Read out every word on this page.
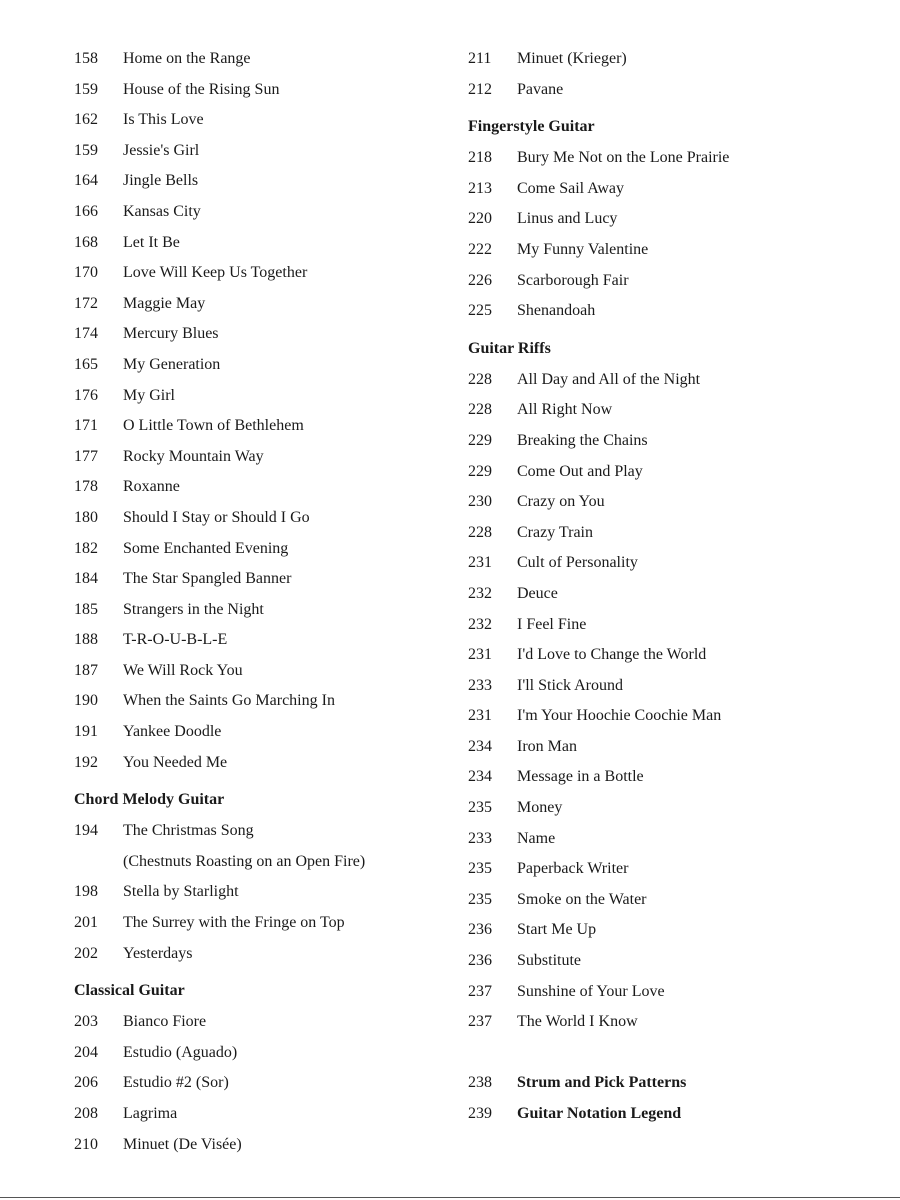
158	Home on the Range
159	House of the Rising Sun
162	Is This Love
159	Jessie's Girl
164	Jingle Bells
166	Kansas City
168	Let It Be
170	Love Will Keep Us Together
172	Maggie May
174	Mercury Blues
165	My Generation
176	My Girl
171	O Little Town of Bethlehem
177	Rocky Mountain Way
178	Roxanne
180	Should I Stay or Should I Go
182	Some Enchanted Evening
184	The Star Spangled Banner
185	Strangers in the Night
188	T-R-O-U-B-L-E
187	We Will Rock You
190	When the Saints Go Marching In
191	Yankee Doodle
192	You Needed Me
Chord Melody Guitar
194	The Christmas Song
(Chestnuts Roasting on an Open Fire)
198	Stella by Starlight
201	The Surrey with the Fringe on Top
202	Yesterdays
Classical Guitar
203	Bianco Fiore
204	Estudio (Aguado)
206	Estudio #2 (Sor)
208	Lagrima
210	Minuet (De Visée)
211	Minuet (Krieger)
212	Pavane
Fingerstyle Guitar
218	Bury Me Not on the Lone Prairie
213	Come Sail Away
220	Linus and Lucy
222	My Funny Valentine
226	Scarborough Fair
225	Shenandoah
Guitar Riffs
228	All Day and All of the Night
228	All Right Now
229	Breaking the Chains
229	Come Out and Play
230	Crazy on You
228	Crazy Train
231	Cult of Personality
232	Deuce
232	I Feel Fine
231	I'd Love to Change the World
233	I'll Stick Around
231	I'm Your Hoochie Coochie Man
234	Iron Man
234	Message in a Bottle
235	Money
233	Name
235	Paperback Writer
235	Smoke on the Water
236	Start Me Up
236	Substitute
237	Sunshine of Your Love
237	The World I Know
238	Strum and Pick Patterns
239	Guitar Notation Legend
